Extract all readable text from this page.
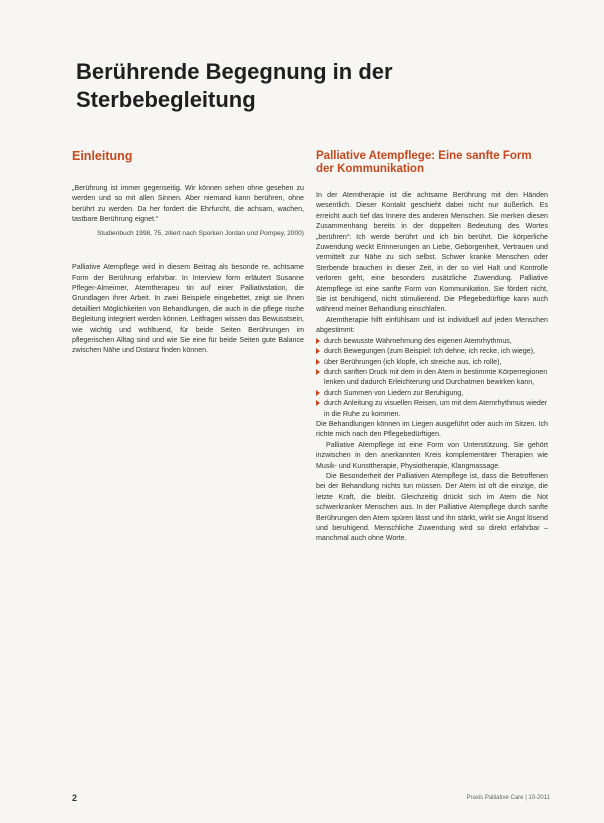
Berührende Begegnung in der Sterbebegleitung
Einleitung

„Berührung ist immer gegenseitig. Wir können sehen ohne gesehen zu werden und so mit allen Sinnen. Aber niemand kann berühren, ohne berührt zu werden. Da her fordert die Ehrfurcht, die achsam, wachen, tastbare Berührung eignet.“

Studienbuch 1998, 75, zitiert nach Sporken Jordan und Pompey, 2000)

Palliative Atempflege wird in diesem Beitrag als besonde re, achtsame Form der Berührung erfahrbar. In Interview form erläutert Susanne Pfleger-Almeimer, Atemtherapeu tin auf einer Palliativstation, die Grundlagen ihrer Arbeit. In zwei Beispiele eingebettet, zeigt sie Ihnen detailliert Möglichkeiten von Behandlungen, die auch in die pflege rische Begleitung integriert werden können. Leitfragen wissen das Bewusstsein, wie wichtig und wohltuend, für beide Seiten Berührungen im pflegerischen Alltag sind und wie Sie eine für beide Seiten gute Balance zwischen Nähe und Distanz finden können.

Palliative Atempflege: Eine sanfte Form der Kommunikation

In der Atemtherapie ist die achtsame Berührung mit den Händen wesentlich. Dieser Kontakt geschieht dabei nicht nur äußerlich. Es erreicht auch tief das Innere des anderen Menschen. Sie merken diesen Zusammenhang bereits in der doppelten Bedeutung des Wortes „berühren“: Ich werde berührt und ich bin berührt. Die körperliche Zuwendung weckt Erinnerungen an Liebe, Geborgenheit, Vertrauen und vermittelt zur Nähe zu sich selbst. Schwer kranke Menschen oder Sterbende brauchen in dieser Zeit, in der so viel Halt und Kontrolle verloren geht, eine besonders zusätzliche Zuwendung. Palliative Atempflege ist eine sanfte Form von Kommunikation. Sie fördert nicht, Sie ist beruhigend, nicht stimulierend. Die Pflegebedürftige kann auch während meiner Behandlung einschlafen.

Atemtherapie hilft einfühlsam und ist individuell auf jeden Menschen abgestimmt:

durch bewusste Wahrnehmung des eigenen Atemrhythmus,
durch Bewegungen (zum Beispiel: Ich dehne, ich recke, ich wiege),
über Berührungen (ich klopfe, ich streiche aus, ich rolle),
durch sanften Druck mit dem in den Atem in bestimmte Körperregionen lenken und dadurch Erleichterung und Durchatmen bewirken kann,
durch Summen von Liedern zur Beruhigung,
durch Anleitung zu visuellen Reisen, um mit dem Atemrhythmus wieder in die Ruhe zu kommen.

Die Behandlungen können im Liegen ausgeführt oder auch im Sitzen. Ich richte mich nach den Pflegebedürftigen.

Palliative Atempflege ist eine Form von Unterstützung. Sie gehört inzwischen in den anerkannten Kreis komplementärer Therapien wie Musik- und Kunsttherapie, Physiotherapie, Klangmassage.

Die Besonderheit der Palliativen Atempflege ist, dass die Betroffenen bei der Behandlung nichts tun müssen. Der Atem ist oft die einzige, die letzte Kraft, die bleibt. Gleichzeitig drückt sich im Atem die Not schwerkranker Menschen aus. In der Palliative Atempflege durch sanfte Berührungen den Atem spüren lässt und ihn stärkt, wirkt sie Angst lösend und beruhigend. Menschliche Zuwendung wird so direkt erfahrbar – manchmal auch ohne Worte.

2	Praxis Palliative Care | 10-2011
